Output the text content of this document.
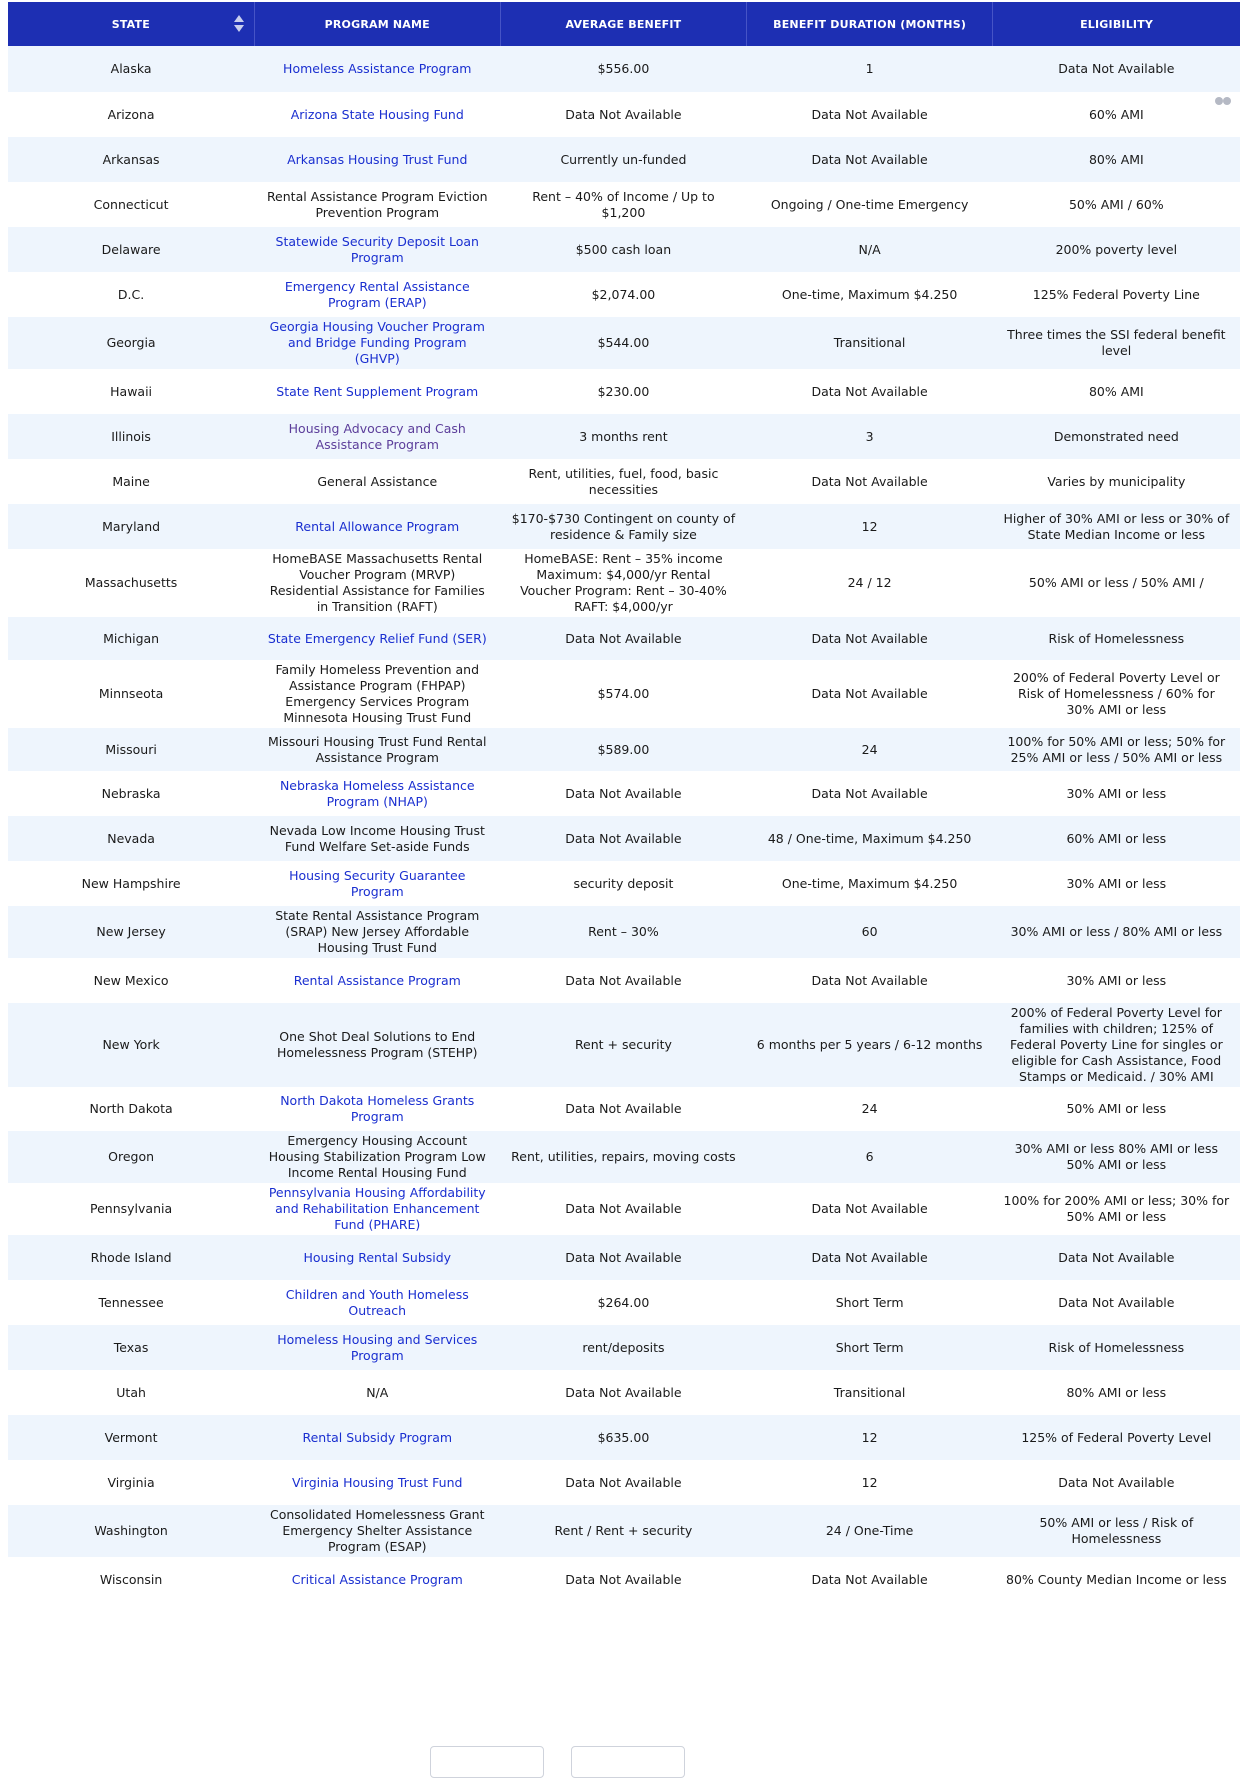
STATE	PROGRAM NAME	AVERAGE BENEFIT	BENEFIT DURATION (MONTHS)	ELIGIBILITY
Alaska	Homeless Assistance Program	$556.00	1	Data Not Available
Arizona	Arizona State Housing Fund	Data Not Available	Data Not Available	60% AMI
Arkansas	Arkansas Housing Trust Fund	Currently un-funded	Data Not Available	80% AMI
Connecticut	Rental Assistance Program Eviction Prevention Program	Rent – 40% of Income / Up to $1,200	Ongoing / One-time Emergency	50% AMI / 60%
Delaware	Statewide Security Deposit Loan Program	$500 cash loan	N/A	200% poverty level
D.C.	Emergency Rental Assistance Program (ERAP)	$2,074.00	One-time, Maximum $4.250	125% Federal Poverty Line
Georgia	Georgia Housing Voucher Program and Bridge Funding Program (GHVP)	$544.00	Transitional	Three times the SSI federal benefit level
Hawaii	State Rent Supplement Program	$230.00	Data Not Available	80% AMI
Illinois	Housing Advocacy and Cash Assistance Program	3 months rent	3	Demonstrated need
Maine	General Assistance	Rent, utilities, fuel, food, basic necessities	Data Not Available	Varies by municipality
Maryland	Rental Allowance Program	$170-$730 Contingent on county of residence & Family size	12	Higher of 30% AMI or less or 30% of State Median Income or less
Massachusetts	HomeBASE Massachusetts Rental Voucher Program (MRVP) Residential Assistance for Families in Transition (RAFT)	HomeBASE: Rent – 35% income Maximum: $4,000/yr Rental Voucher Program: Rent – 30-40% RAFT: $4,000/yr	24 / 12	50% AMI or less / 50% AMI /
Michigan	State Emergency Relief Fund (SER)	Data Not Available	Data Not Available	Risk of Homelessness
Minnseota	Family Homeless Prevention and Assistance Program (FHPAP) Emergency Services Program Minnesota Housing Trust Fund	$574.00	Data Not Available	200% of Federal Poverty Level or Risk of Homelessness / 60% for 30% AMI or less
Missouri	Missouri Housing Trust Fund Rental Assistance Program	$589.00	24	100% for 50% AMI or less; 50% for 25% AMI or less / 50% AMI or less
Nebraska	Nebraska Homeless Assistance Program (NHAP)	Data Not Available	Data Not Available	30% AMI or less
Nevada	Nevada Low Income Housing Trust Fund Welfare Set-aside Funds	Data Not Available	48 / One-time, Maximum $4.250	60% AMI or less
New Hampshire	Housing Security Guarantee Program	security deposit	One-time, Maximum $4.250	30% AMI or less
New Jersey	State Rental Assistance Program (SRAP) New Jersey Affordable Housing Trust Fund	Rent – 30%	60	30% AMI or less / 80% AMI or less
New Mexico	Rental Assistance Program	Data Not Available	Data Not Available	30% AMI or less
New York	One Shot Deal Solutions to End Homelessness Program (STEHP)	Rent + security	6 months per 5 years / 6-12 months	200% of Federal Poverty Level for families with children; 125% of Federal Poverty Line for singles or eligible for Cash Assistance, Food Stamps or Medicaid. / 30% AMI
North Dakota	North Dakota Homeless Grants Program	Data Not Available	24	50% AMI or less
Oregon	Emergency Housing Account Housing Stabilization Program Low Income Rental Housing Fund	Rent, utilities, repairs, moving costs	6	30% AMI or less 80% AMI or less 50% AMI or less
Pennsylvania	Pennsylvania Housing Affordability and Rehabilitation Enhancement Fund (PHARE)	Data Not Available	Data Not Available	100% for 200% AMI or less; 30% for 50% AMI or less
Rhode Island	Housing Rental Subsidy	Data Not Available	Data Not Available	Data Not Available
Tennessee	Children and Youth Homeless Outreach	$264.00	Short Term	Data Not Available
Texas	Homeless Housing and Services Program	rent/deposits	Short Term	Risk of Homelessness
Utah	N/A	Data Not Available	Transitional	80% AMI or less
Vermont	Rental Subsidy Program	$635.00	12	125% of Federal Poverty Level
Virginia	Virginia Housing Trust Fund	Data Not Available	12	Data Not Available
Washington	Consolidated Homelessness Grant Emergency Shelter Assistance Program (ESAP)	Rent / Rent + security	24 / One-Time	50% AMI or less / Risk of Homelessness
Wisconsin	Critical Assistance Program	Data Not Available	Data Not Available	80% County Median Income or less
